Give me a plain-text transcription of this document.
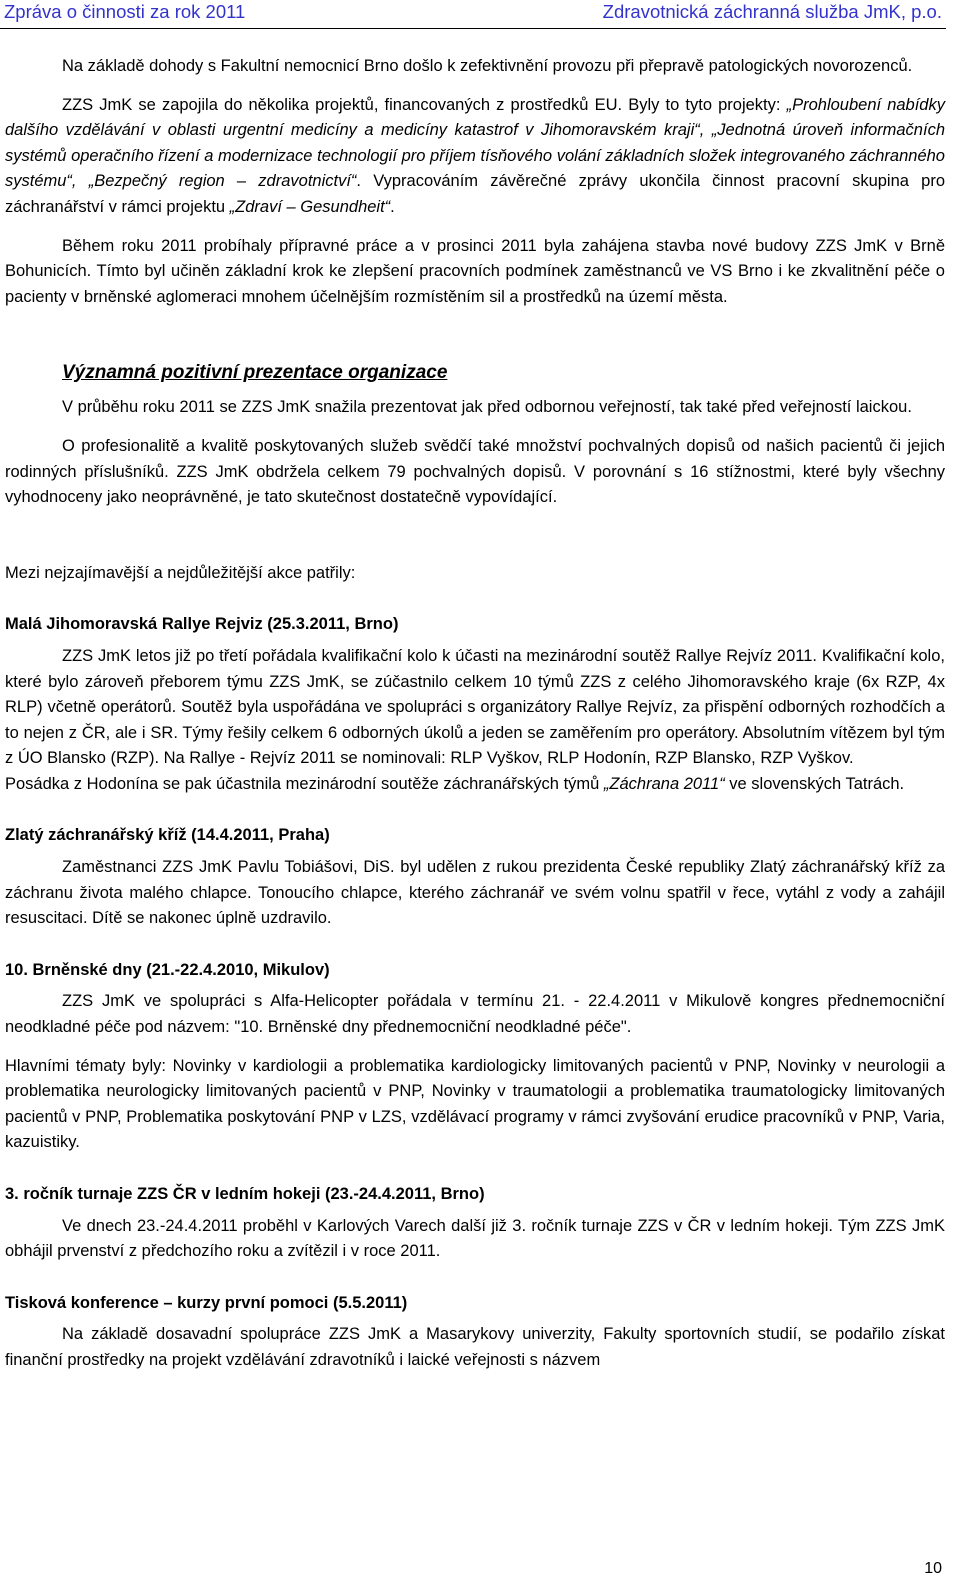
Zpráva o činnosti za rok 2011	Zdravotnická záchranná služba JmK, p.o.

Na základě dohody s Fakultní nemocnicí Brno došlo k zefektivnění provozu při přepravě patologických novorozenců.

ZZS JmK se zapojila do několika projektů, financovaných z prostředků EU. Byly to tyto projekty: „Prohloubení nabídky dalšího vzdělávání v oblasti urgentní medicíny a medicíny katastrof v Jihomoravském kraji“, „Jednotná úroveň informačních systémů operačního řízení a modernizace technologií pro příjem tísňového volání základních složek integrovaného záchranného systému“, „Bezpečný region – zdravotnictví“. Vypracováním závěrečné zprávy ukončila činnost pracovní skupina pro záchranářství v rámci projektu „Zdraví – Gesundheit“.

Během roku 2011 probíhaly přípravné práce a v prosinci 2011 byla zahájena stavba nové budovy ZZS JmK v Brně Bohunicích. Tímto byl učiněn základní krok ke zlepšení pracovních podmínek zaměstnanců ve VS Brno i ke zkvalitnění péče o pacienty v brněnské aglomeraci mnohem účelnějším rozmístěním sil a prostředků na území města.

Významná pozitivní prezentace organizace

V průběhu roku 2011 se ZZS JmK snažila prezentovat jak před odbornou veřejností, tak také před veřejností laickou.

O profesionalitě a kvalitě poskytovaných služeb svědčí také množství pochvalných dopisů od našich pacientů či jejich rodinných příslušníků. ZZS JmK obdržela celkem 79 pochvalných dopisů. V porovnání s 16 stížnostmi, které byly všechny vyhodnoceny jako neoprávněné, je tato skutečnost dostatečně vypovídající.

Mezi nejzajímavější a nejdůležitější akce patřily:

Malá Jihomoravská Rallye Rejviz (25.3.2011, Brno)

ZZS JmK letos již po třetí pořádala kvalifikační kolo k účasti na mezinárodní soutěž Rallye Rejvíz 2011. Kvalifikační kolo, které bylo zároveň přeborem týmu ZZS JmK, se zúčastnilo celkem 10 týmů ZZS z celého Jihomoravského kraje (6x RZP, 4x RLP) včetně operátorů. Soutěž byla uspořádána ve spolupráci s organizátory Rallye Rejvíz, za přispění odborných rozhodčích a to nejen z ČR, ale i SR. Týmy řešily celkem 6 odborných úkolů a jeden se zaměřením pro operátory. Absolutním vítězem byl tým z ÚO Blansko (RZP). Na Rallye - Rejvíz 2011 se nominovali: RLP Vyškov, RLP Hodonín, RZP Blansko, RZP Vyškov.

Posádka z Hodonína se pak účastnila mezinárodní soutěže záchranářských týmů „Záchrana 2011“ ve slovenských Tatrách.

Zlatý záchranářský kříž (14.4.2011, Praha)

Zaměstnanci ZZS JmK Pavlu Tobiášovi, DiS. byl udělen z rukou prezidenta České republiky Zlatý záchranářský kříž za záchranu života malého chlapce. Tonoucího chlapce, kterého záchranář ve svém volnu spatřil v řece, vytáhl z vody a zahájil resuscitaci. Dítě se nakonec úplně uzdravilo.

10. Brněnské dny (21.-22.4.2010, Mikulov)

ZZS JmK ve spolupráci s Alfa-Helicopter pořádala v termínu 21. - 22.4.2011 v Mikulově kongres přednemocniční neodkladné péče pod názvem: "10. Brněnské dny přednemocniční neodkladné péče".

Hlavními tématy byly: Novinky v kardiologii a problematika kardiologicky limitovaných pacientů v PNP, Novinky v neurologii a problematika neurologicky limitovaných pacientů v PNP, Novinky v traumatologii a problematika traumatologicky limitovaných pacientů v PNP, Problematika poskytování PNP v LZS, vzdělávací programy v rámci zvyšování erudice pracovníků v PNP, Varia, kazuistiky.

3. ročník turnaje ZZS ČR v ledním hokeji (23.-24.4.2011, Brno)

Ve dnech 23.-24.4.2011 proběhl v Karlových Varech další již 3. ročník turnaje ZZS v ČR v ledním hokeji. Tým ZZS JmK obhájil prvenství z předchozího roku a zvítězil i v roce 2011.

Tisková konference – kurzy první pomoci (5.5.2011)

Na základě dosavadní spolupráce ZZS JmK a Masarykovy univerzity, Fakulty sportovních studií, se podařilo získat finanční prostředky na projekt vzdělávání zdravotníků i laické veřejnosti s názvem

10
